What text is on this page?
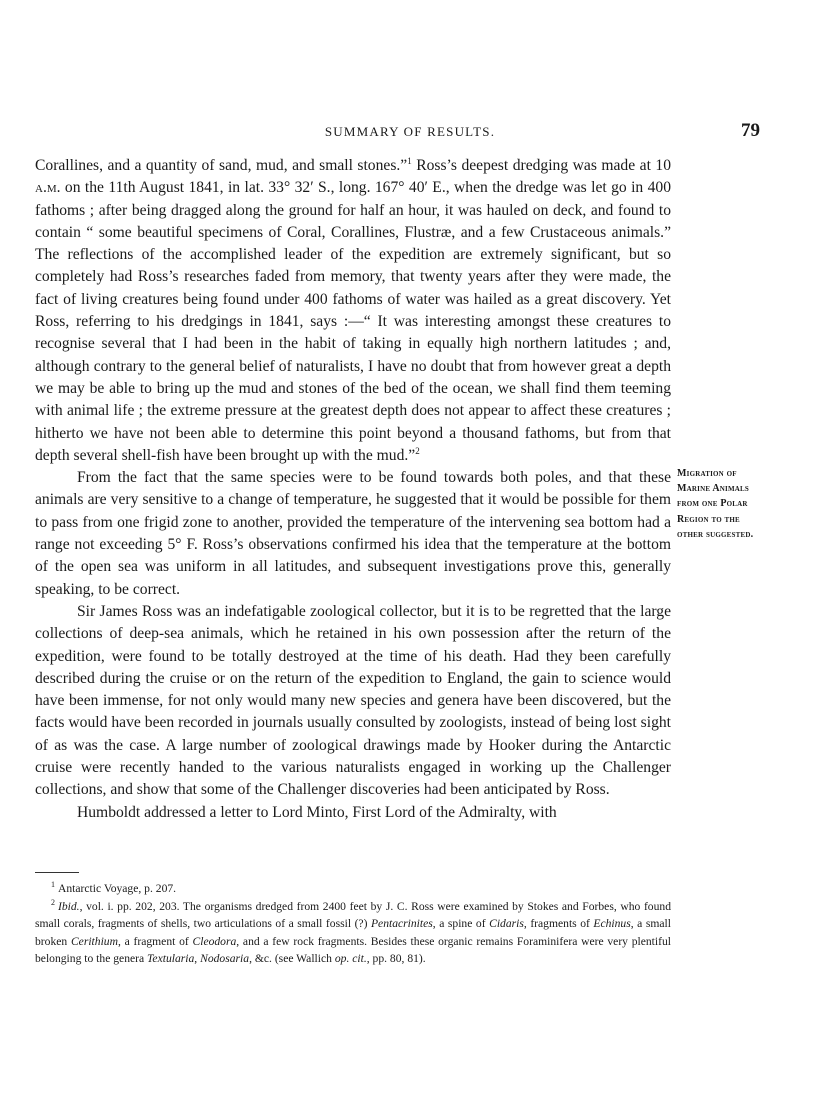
SUMMARY OF RESULTS.	79

Corallines, and a quantity of sand, mud, and small stones.”$^1$ Ross’s deepest dredging was made at 10 a.m. on the 11th August 1841, in lat. 33° 32′ S., long. 167° 40′ E., when the dredge was let go in 400 fathoms ; after being dragged along the ground for half an hour, it was hauled on deck, and found to contain “ some beautiful specimens of Coral, Corallines, Flustræ, and a few Crustaceous animals.” The reflections of the accomplished leader of the expedition are extremely significant, but so completely had Ross’s researches faded from memory, that twenty years after they were made, the fact of living creatures being found under 400 fathoms of water was hailed as a great discovery. Yet Ross, referring to his dredgings in 1841, says :—“ It was interesting amongst these creatures to recognise several that I had been in the habit of taking in equally high northern latitudes ; and, although contrary to the general belief of naturalists, I have no doubt that from however great a depth we may be able to bring up the mud and stones of the bed of the ocean, we shall find them teeming with animal life ; the extreme pressure at the greatest depth does not appear to affect these creatures ; hitherto we have not been able to determine this point beyond a thousand fathoms, but from that depth several shell-fish have been brought up with the mud.”$^2$

From the fact that the same species were to be found towards both poles, and that these animals are very sensitive to a change of temperature, he suggested that it would be possible for them to pass from one frigid zone to another, provided the temperature of the intervening sea bottom had a range not exceeding 5° F. Ross’s observations confirmed his idea that the temperature at the bottom of the open sea was uniform in all latitudes, and subsequent investigations prove this, generally speaking, to be correct.

Sir James Ross was an indefatigable zoological collector, but it is to be regretted that the large collections of deep-sea animals, which he retained in his own possession after the return of the expedition, were found to be totally destroyed at the time of his death. Had they been carefully described during the cruise or on the return of the expedition to England, the gain to science would have been immense, for not only would many new species and genera have been discovered, but the facts would have been recorded in journals usually consulted by zoologists, instead of being lost sight of as was the case. A large number of zoological drawings made by Hooker during the Antarctic cruise were recently handed to the various naturalists engaged in working up the Challenger collections, and show that some of the Challenger discoveries had been anticipated by Ross.

Humboldt addressed a letter to Lord Minto, First Lord of the Admiralty, with

Migration of
Marine Animals
from one Polar
Region to the
other suggested.

$^1$ Antarctic Voyage, p. 207.

$^2$ Ibid., vol. i. pp. 202, 203. The organisms dredged from 2400 feet by J. C. Ross were examined by Stokes and Forbes, who found small corals, fragments of shells, two articulations of a small fossil (?) Pentacrinites, a spine of Cidaris, fragments of Echinus, a small broken Cerithium, a fragment of Cleodora, and a few rock fragments. Besides these organic remains Foraminifera were very plentiful belonging to the genera Textularia, Nodosaria, &c. (see Wallich op. cit., pp. 80, 81).
